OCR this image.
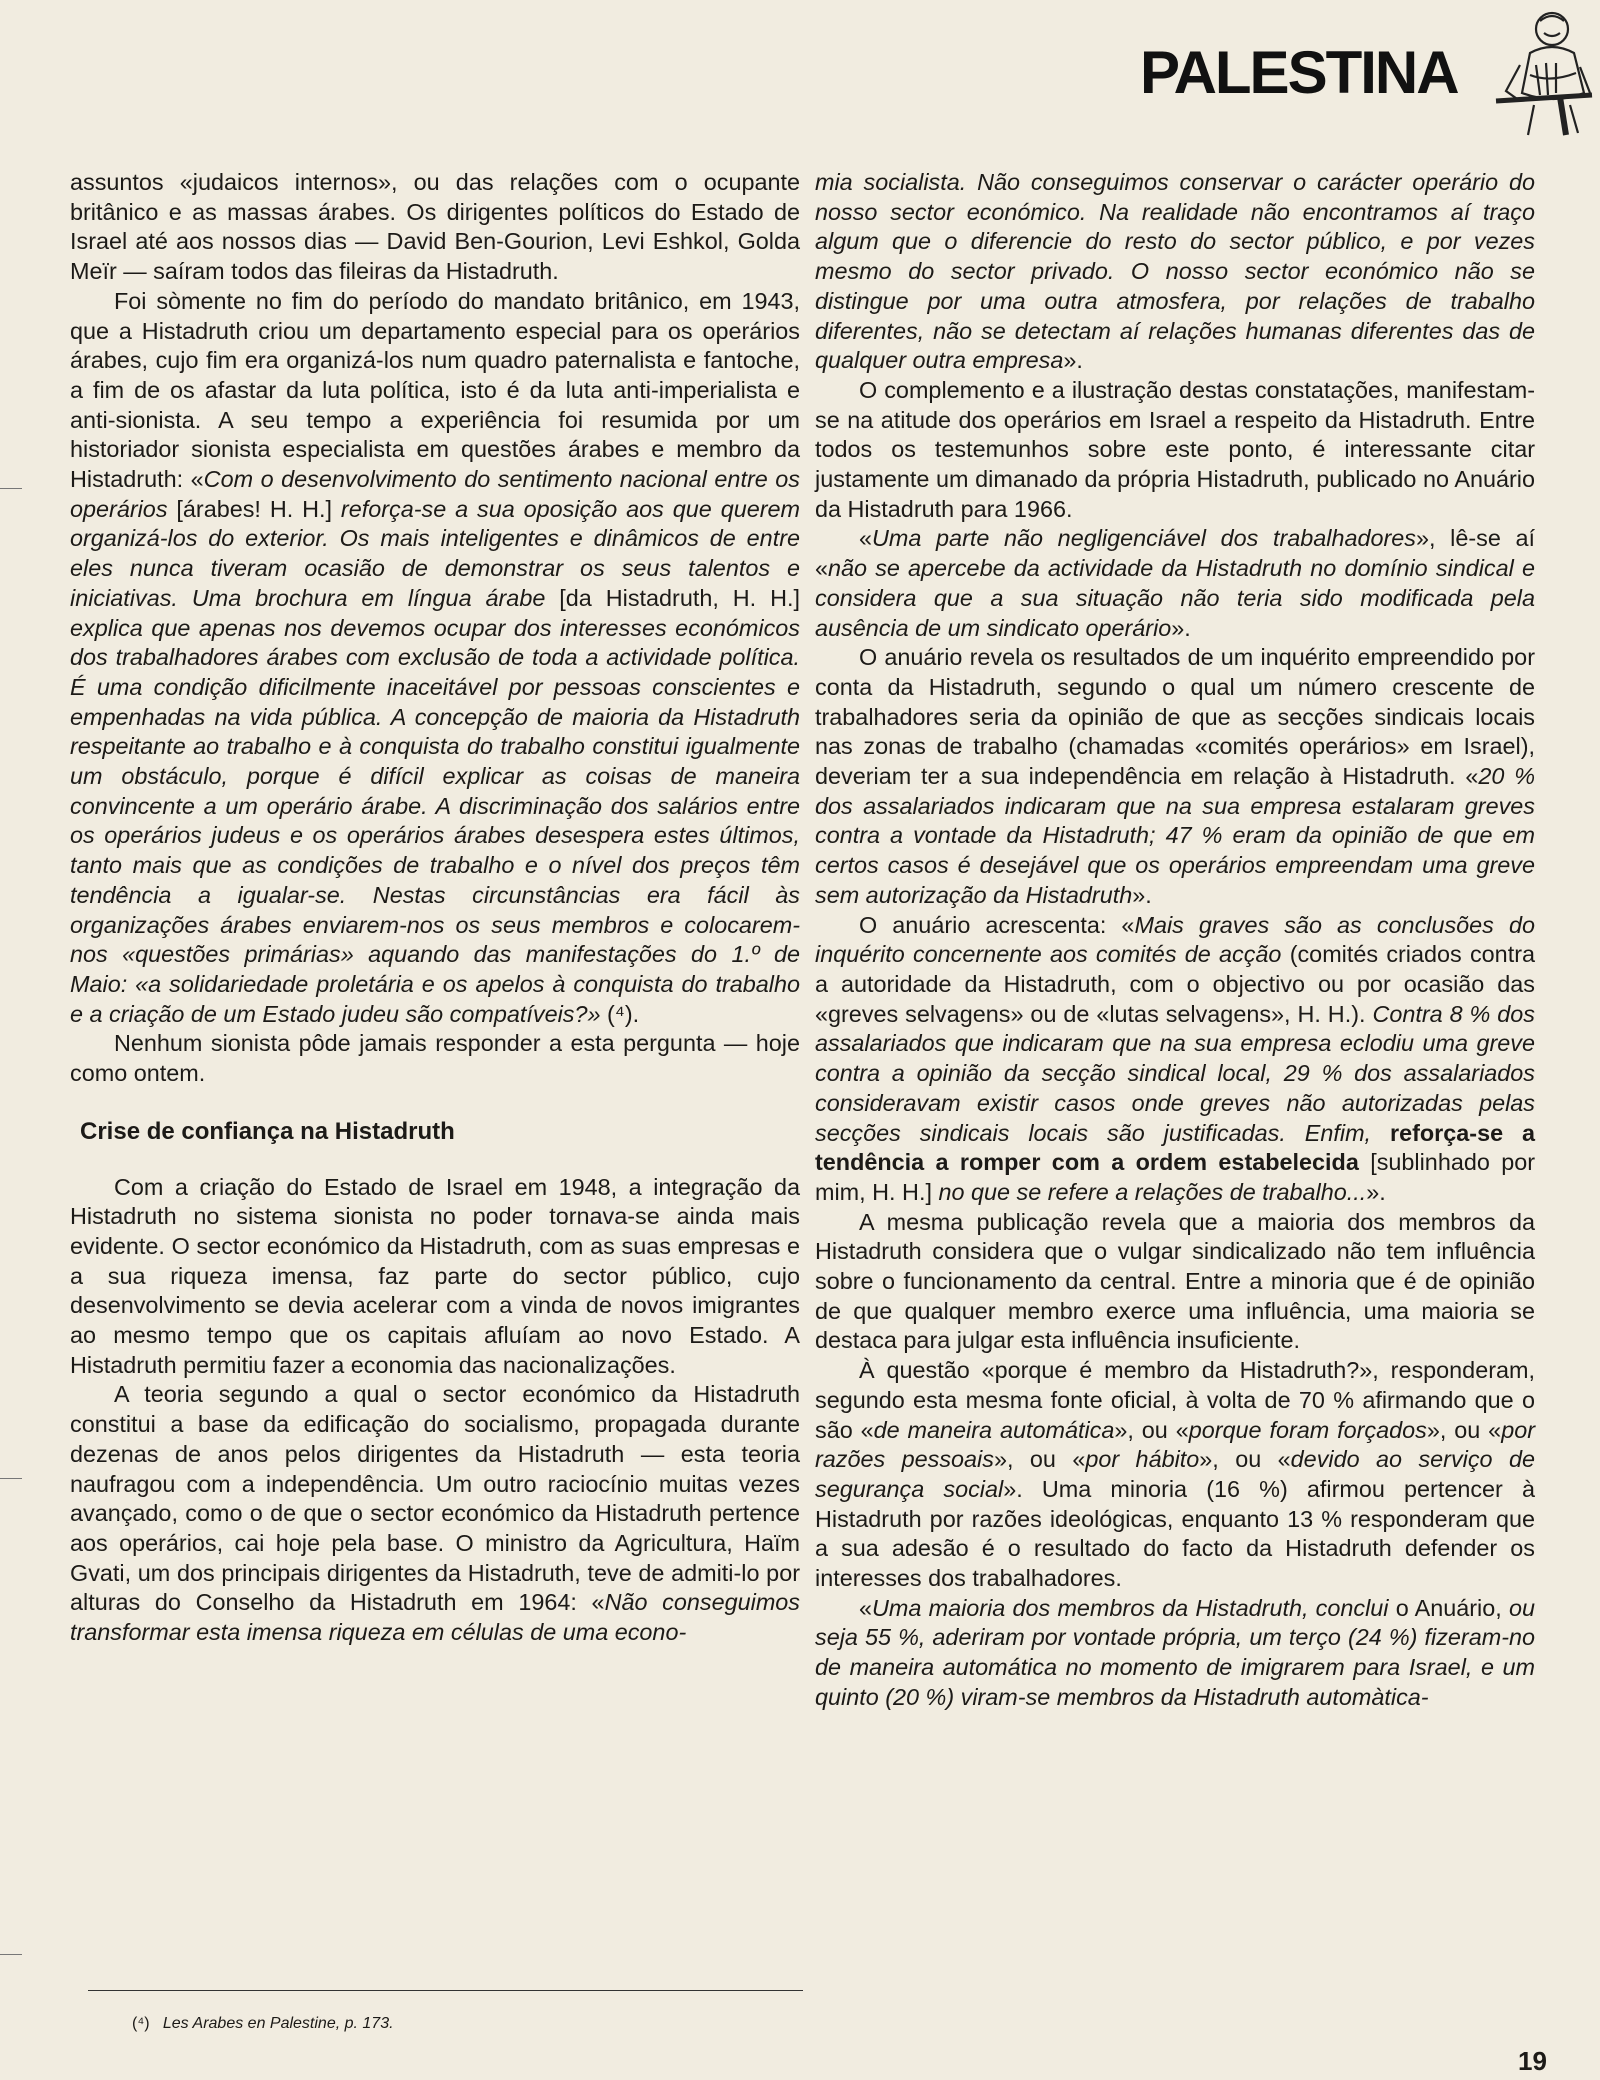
PALESTINA

assuntos «judaicos internos», ou das relações com o ocupante britânico e as massas árabes. Os dirigentes políticos do Estado de Israel até aos nossos dias — David Ben-Gourion, Levi Eshkol, Golda Meïr — saíram todos das fileiras da Histadruth.

Foi sòmente no fim do período do mandato britânico, em 1943, que a Histadruth criou um departamento especial para os operários árabes, cujo fim era organizá-los num quadro paternalista e fantoche, a fim de os afastar da luta política, isto é da luta anti-imperialista e anti-sionista. A seu tempo a experiência foi resumida por um historiador sionista especialista em questões árabes e membro da Histadruth: «Com o desenvolvimento do sentimento nacional entre os operários [árabes! H. H.] reforça-se a sua oposição aos que querem organizá-los do exterior. Os mais inteligentes e dinâmicos de entre eles nunca tiveram ocasião de demonstrar os seus talentos e iniciativas. Uma brochura em língua árabe [da Histadruth, H. H.] explica que apenas nos devemos ocupar dos interesses económicos dos trabalhadores árabes com exclusão de toda a actividade política. É uma condição dificilmente inaceitável por pessoas conscientes e empenhadas na vida pública. A concepção de maioria da Histadruth respeitante ao trabalho e à conquista do trabalho constitui igualmente um obstáculo, porque é difícil explicar as coisas de maneira convincente a um operário árabe. A discriminação dos salários entre os operários judeus e os operários árabes desespera estes últimos, tanto mais que as condições de trabalho e o nível dos preços têm tendência a igualar-se. Nestas circunstâncias era fácil às organizações árabes enviarem-nos os seus membros e colocarem-nos «questões primárias» aquando das manifestações do 1.º de Maio: «a solidariedade proletária e os apelos à conquista do trabalho e a criação de um Estado judeu são compatíveis?» (⁴).

Nenhum sionista pôde jamais responder a esta pergunta — hoje como ontem.

Crise de confiança na Histadruth

Com a criação do Estado de Israel em 1948, a integração da Histadruth no sistema sionista no poder tornava-se ainda mais evidente. O sector económico da Histadruth, com as suas empresas e a sua riqueza imensa, faz parte do sector público, cujo desenvolvimento se devia acelerar com a vinda de novos imigrantes ao mesmo tempo que os capitais afluíam ao novo Estado. A Histadruth permitiu fazer a economia das nacionalizações.

A teoria segundo a qual o sector económico da Histadruth constitui a base da edificação do socialismo, propagada durante dezenas de anos pelos dirigentes da Histadruth — esta teoria naufragou com a independência. Um outro raciocínio muitas vezes avançado, como o de que o sector económico da Histadruth pertence aos operários, cai hoje pela base. O ministro da Agricultura, Haïm Gvati, um dos principais dirigentes da Histadruth, teve de admiti-lo por alturas do Conselho da Histadruth em 1964: «Não conseguimos transformar esta imensa riqueza em células de uma econo-

mia socialista. Não conseguimos conservar o carácter operário do nosso sector económico. Na realidade não encontramos aí traço algum que o diferencie do resto do sector público, e por vezes mesmo do sector privado. O nosso sector económico não se distingue por uma outra atmosfera, por relações de trabalho diferentes, não se detectam aí relações humanas diferentes das de qualquer outra empresa».

O complemento e a ilustração destas constatações, manifestam-se na atitude dos operários em Israel a respeito da Histadruth. Entre todos os testemunhos sobre este ponto, é interessante citar justamente um dimanado da própria Histadruth, publicado no Anuário da Histadruth para 1966.

«Uma parte não negligenciável dos trabalhadores», lê-se aí «não se apercebe da actividade da Histadruth no domínio sindical e considera que a sua situação não teria sido modificada pela ausência de um sindicato operário».

O anuário revela os resultados de um inquérito empreendido por conta da Histadruth, segundo o qual um número crescente de trabalhadores seria da opinião de que as secções sindicais locais nas zonas de trabalho (chamadas «comités operários» em Israel), deveriam ter a sua independência em relação à Histadruth. «20 % dos assalariados indicaram que na sua empresa estalaram greves contra a vontade da Histadruth; 47 % eram da opinião de que em certos casos é desejável que os operários empreendam uma greve sem autorização da Histadruth».

O anuário acrescenta: «Mais graves são as conclusões do inquérito concernente aos comités de acção (comités criados contra a autoridade da Histadruth, com o objectivo ou por ocasião das «greves selvagens» ou de «lutas selvagens», H. H.). Contra 8 % dos assalariados que indicaram que na sua empresa eclodiu uma greve contra a opinião da secção sindical local, 29 % dos assalariados consideravam existir casos onde greves não autorizadas pelas secções sindicais locais são justificadas. Enfim, reforça-se a tendência a romper com a ordem estabelecida [sublinhado por mim, H. H.] no que se refere a relações de trabalho...».

A mesma publicação revela que a maioria dos membros da Histadruth considera que o vulgar sindicalizado não tem influência sobre o funcionamento da central. Entre a minoria que é de opinião de que qualquer membro exerce uma influência, uma maioria se destaca para julgar esta influência insuficiente.

À questão «porque é membro da Histadruth?», responderam, segundo esta mesma fonte oficial, à volta de 70 % afirmando que o são «de maneira automática», ou «porque foram forçados», ou «por razões pessoais», ou «por hábito», ou «devido ao serviço de segurança social». Uma minoria (16 %) afirmou pertencer à Histadruth por razões ideológicas, enquanto 13 % responderam que a sua adesão é o resultado do facto da Histadruth defender os interesses dos trabalhadores.

«Uma maioria dos membros da Histadruth, conclui o Anuário, ou seja 55 %, aderiram por vontade própria, um terço (24 %) fizeram-no de maneira automática no momento de imigrarem para Israel, e um quinto (20 %) viram-se membros da Histadruth automàtica-

(⁴) Les Arabes en Palestine, p. 173.
19
